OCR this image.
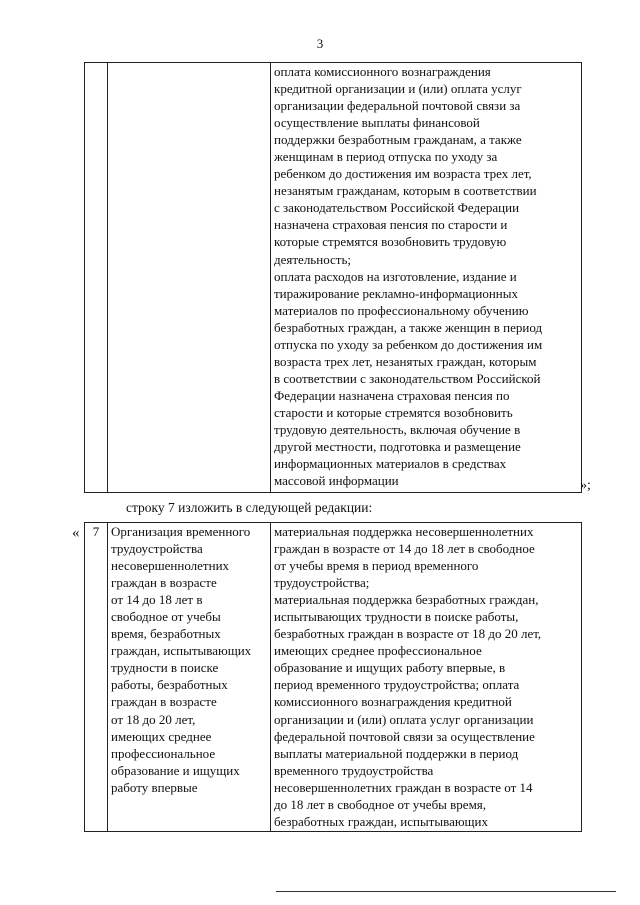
3

оплата комиссионного вознаграждения
кредитной организации и (или) оплата услуг
организации федеральной почтовой связи за
осуществление выплаты финансовой
поддержки безработным гражданам, а также
женщинам в период отпуска по уходу за
ребенком до достижения им возраста трех лет,
незанятым гражданам, которым в соответствии
с законодательством Российской Федерации
назначена страховая пенсия по старости и
которые стремятся возобновить трудовую
деятельность;
оплата расходов на изготовление, издание и
тиражирование рекламно-информационных
материалов по профессиональному обучению
безработных граждан, а также женщин в период
отпуска по уходу за ребенком до достижения им
возраста трех лет, незанятых граждан, которым
в соответствии с законодательством Российской
Федерации назначена страховая пенсия по
старости и которые стремятся возобновить
трудовую деятельность, включая обучение в
другой местности, подготовка и размещение
информационных материалов в средствах
массовой информации	»;
строку 7 изложить в следующей редакции:
«	7	Организация временного
трудоустройства
несовершеннолетних
граждан в возрасте
от 14 до 18 лет в
свободное от учебы
время, безработных
граждан, испытывающих
трудности в поиске
работы, безработных
граждан в возрасте
от 18 до 20 лет,
имеющих среднее
профессиональное
образование и ищущих
работу впервые

материальная поддержка несовершеннолетних
граждан в возрасте от 14 до 18 лет в свободное
от учебы время в период временного
трудоустройства;
материальная поддержка безработных граждан,
испытывающих трудности в поиске работы,
безработных граждан в возрасте от 18 до 20 лет,
имеющих среднее профессиональное
образование и ищущих работу впервые, в
период временного трудоустройства; оплата
комиссионного вознаграждения кредитной
организации и (или) оплата услуг организации
федеральной почтовой связи за осуществление
выплаты материальной поддержки в период
временного трудоустройства
несовершеннолетних граждан в возрасте от 14
до 18 лет в свободное от учебы время,
безработных граждан, испытывающих
